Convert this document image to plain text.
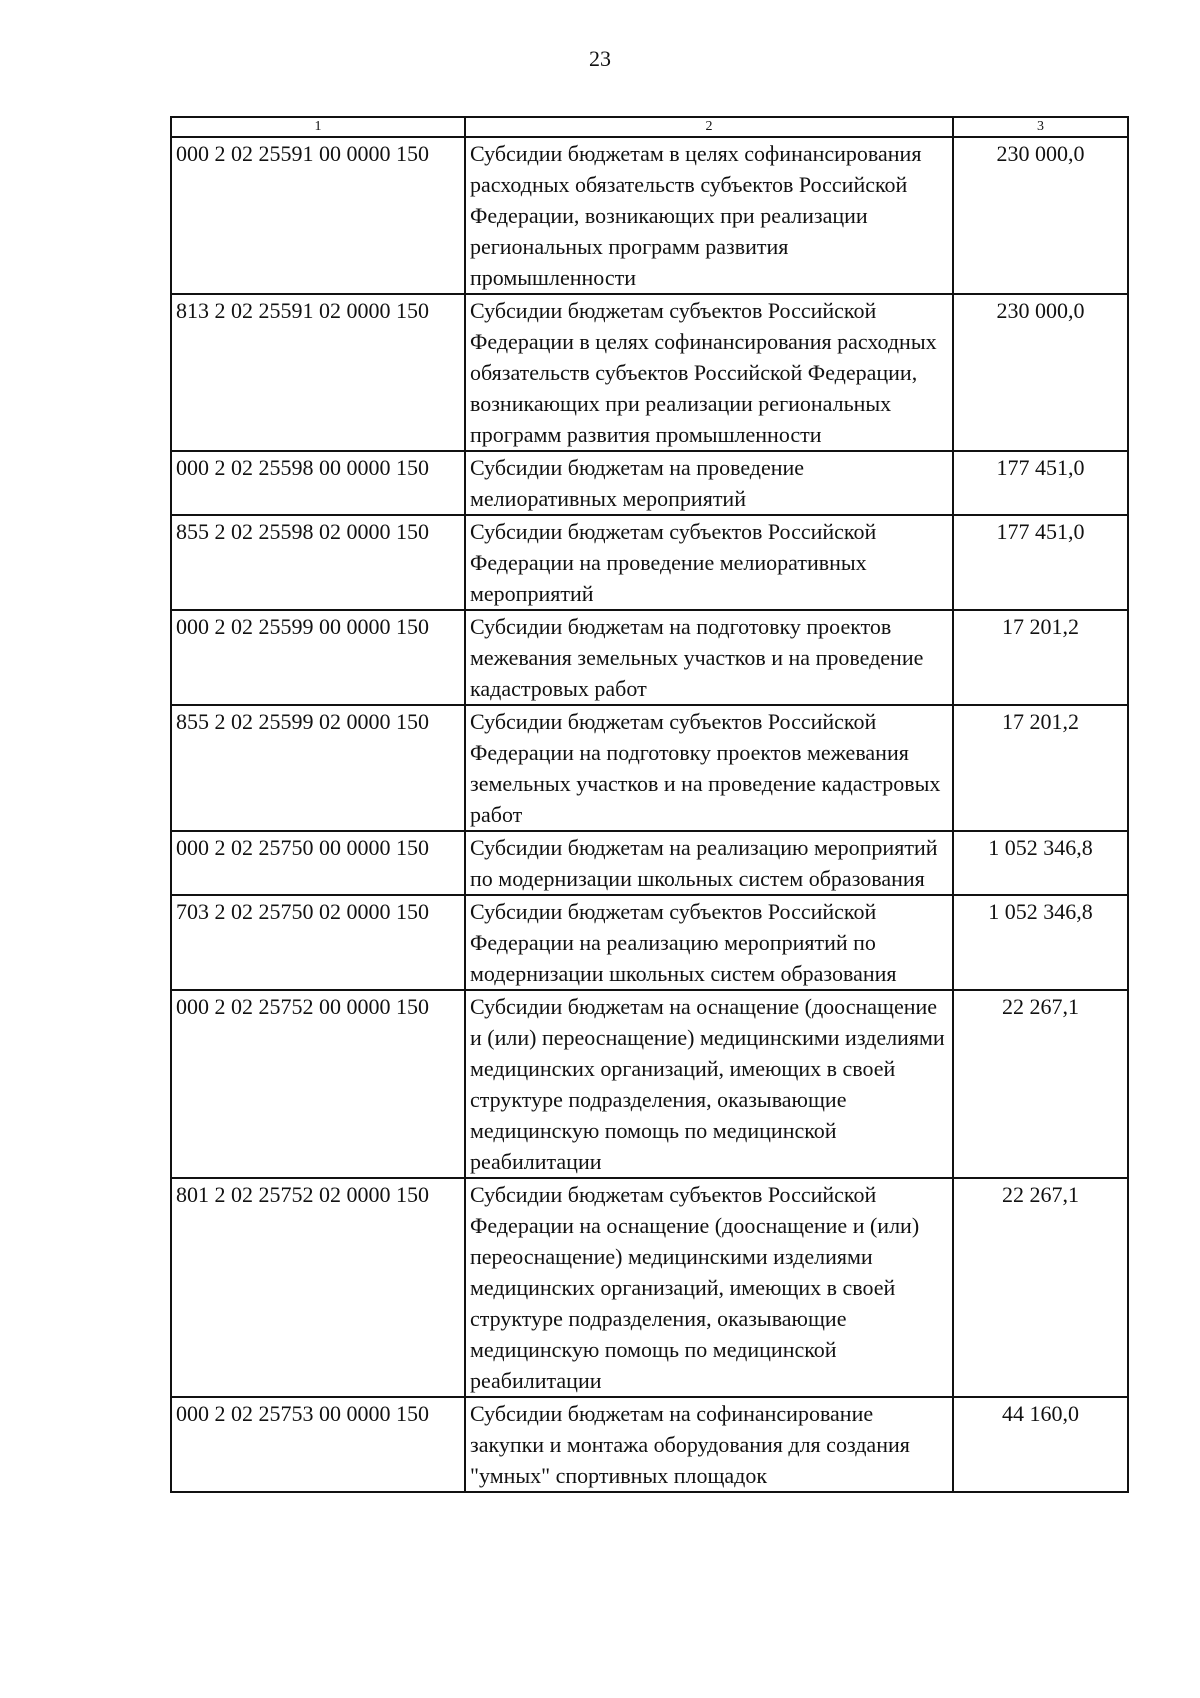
23
1	2	3
000 2 02 25591 00 0000 150	Субсидии бюджетам в целях софинансирования расходных обязательств субъектов Российской Федерации, возникающих при реализации региональных программ развития промышленности	230 000,0
813 2 02 25591 02 0000 150	Субсидии бюджетам субъектов Российской Федерации в целях софинансирования расходных обязательств субъектов Российской Федерации, возникающих при реализации региональных программ развития промышленности	230 000,0
000 2 02 25598 00 0000 150	Субсидии бюджетам на проведение мелиоративных мероприятий	177 451,0
855 2 02 25598 02 0000 150	Субсидии бюджетам субъектов Российской Федерации на проведение мелиоративных мероприятий	177 451,0
000 2 02 25599 00 0000 150	Субсидии бюджетам на подготовку проектов межевания земельных участков и на проведение кадастровых работ	17 201,2
855 2 02 25599 02 0000 150	Субсидии бюджетам субъектов Российской Федерации на подготовку проектов межевания земельных участков и на проведение кадастровых работ	17 201,2
000 2 02 25750 00 0000 150	Субсидии бюджетам на реализацию мероприятий по модернизации школьных систем образования	1 052 346,8
703 2 02 25750 02 0000 150	Субсидии бюджетам субъектов Российской Федерации на реализацию мероприятий по модернизации школьных систем образования	1 052 346,8
000 2 02 25752 00 0000 150	Субсидии бюджетам на оснащение (дооснащение и (или) переоснащение) медицинскими изделиями медицинских организаций, имеющих в своей структуре подразделения, оказывающие медицинскую помощь по медицинской реабилитации	22 267,1
801 2 02 25752 02 0000 150	Субсидии бюджетам субъектов Российской Федерации на оснащение (дооснащение и (или) переоснащение) медицинскими изделиями медицинских организаций, имеющих в своей структуре подразделения, оказывающие медицинскую помощь по медицинской реабилитации	22 267,1
000 2 02 25753 00 0000 150	Субсидии бюджетам на софинансирование закупки и монтажа оборудования для создания "умных" спортивных площадок	44 160,0
